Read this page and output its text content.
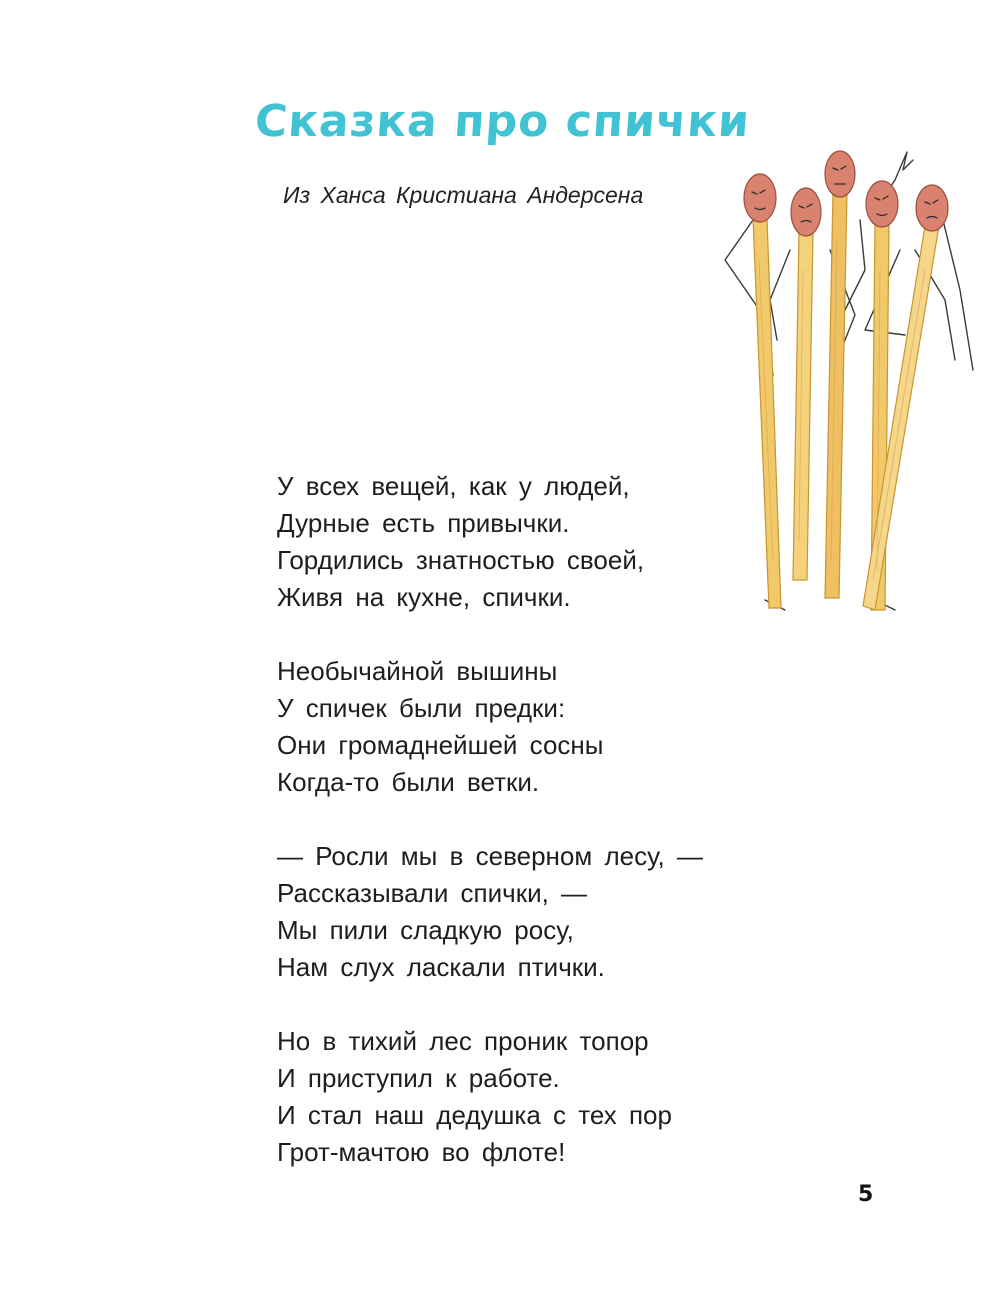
Сказка про спички

Из Ханса Кристиана Андерсена

У всех вещей, как у людей,
Дурные есть привычки.
Гордились знатностью своей,
Живя на кухне, спички.
Необычайной вышины
У спичек были предки:
Они громаднейшей сосны
Когда-то были ветки.
— Росли мы в северном лесу, —
Рассказывали спички, —
Мы пили сладкую росу,
Нам слух ласкали птички.
Но в тихий лес проник топор
И приступил к работе.
И стал наш дедушка с тех пор
Грот-мачтою во флоте!
5
